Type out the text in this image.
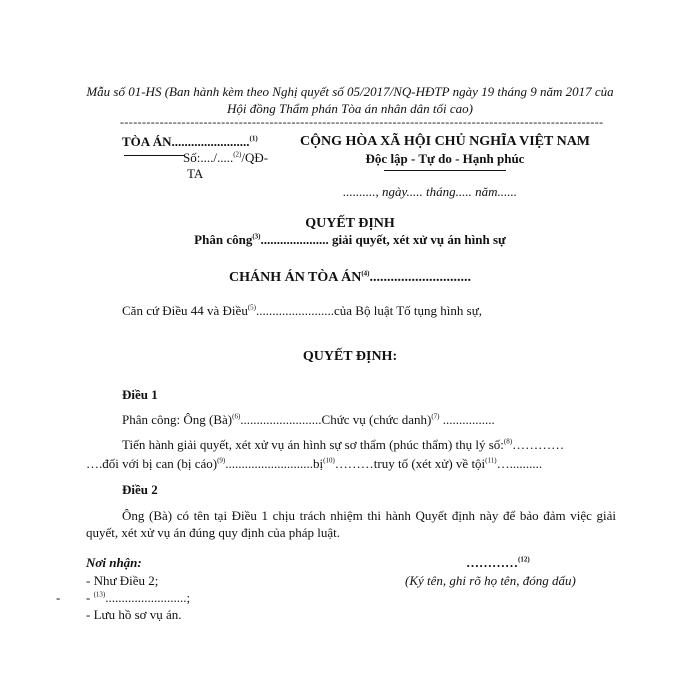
Mẫu số 01-HS (Ban hành kèm theo Nghị quyết số 05/2017/NQ-HĐTP ngày 19 tháng 9 năm 2017 của
Hội đồng Thẩm phán Tòa án nhân dân tối cao)
--------------------------------------------------------------------------------------------------------------
TÒA ÁN........................$^{(1)}$
Số:..../.....$^{(2)}$/QĐ-
TA
CỘNG HÒA XÃ HỘI CHỦ NGHĨA VIỆT NAM
Độc lập - Tự do - Hạnh phúc
.........., ngày..... tháng..... năm......
QUYẾT ĐỊNH
Phân công$^{(3)}$..................... giải quyết, xét xử vụ án hình sự
CHÁNH ÁN TÒA ÁN$^{(4)}$.............................
Căn cứ Điều 44 và Điều$^{(5)}$........................của Bộ luật Tố tụng hình sự,
QUYẾT ĐỊNH:
Điều 1
Phân công: Ông (Bà)$^{(6)}$.........................Chức vụ (chức danh)$^{(7)}$ ................
Tiến hành giải quyết, xét xử vụ án hình sự sơ thẩm (phúc thẩm) thụ lý số:$^{(8)}$…………
….đối với bị can (bị cáo)$^{(9)}$...........................bị$^{(10)}$………truy tố (xét xử) về tội$^{(11)}$…..........
Điều 2
Ông (Bà) có tên tại Điều 1 chịu trách nhiệm thi hành Quyết định này để bảo đảm việc giải quyết, xét xử vụ án đúng quy định của pháp luật.
Nơi nhận:
- Như Điều 2;
- - $^{(13)}$.........................;
- Lưu hồ sơ vụ án.
…………$^{(12)}$
(Ký tên, ghi rõ họ tên, đóng dấu)
